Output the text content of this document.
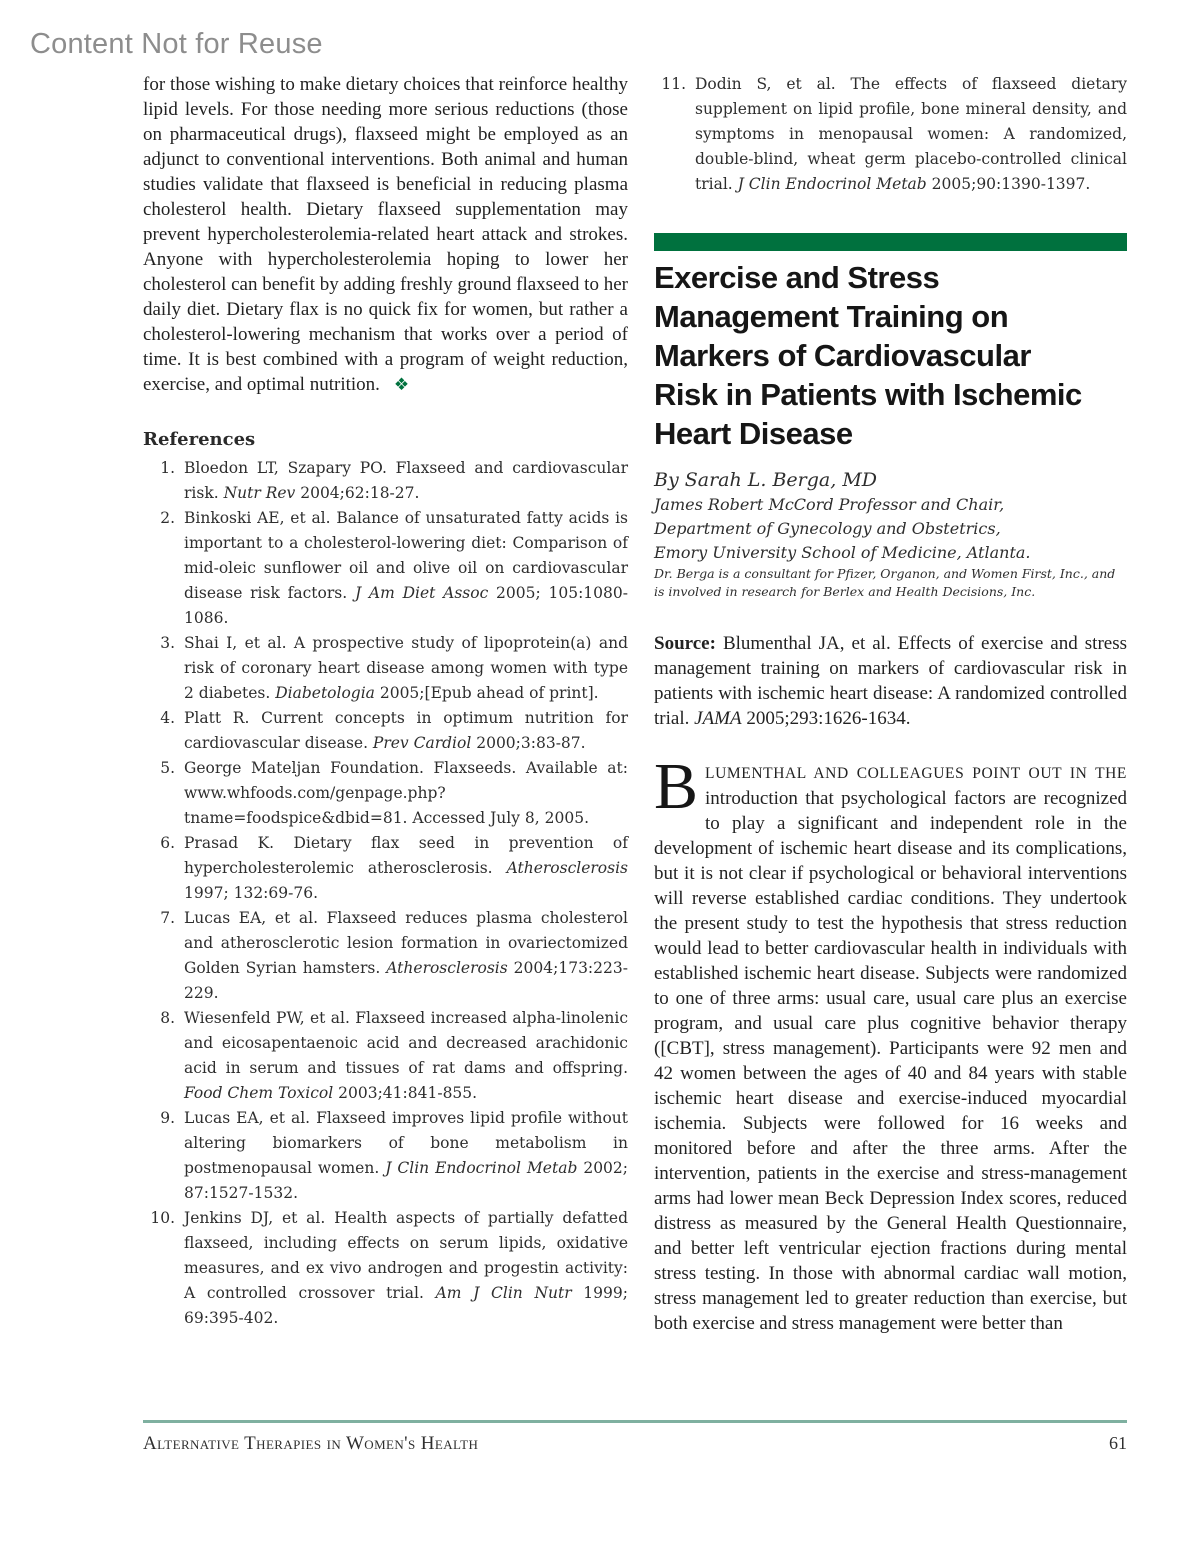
Content Not for Reuse

for those wishing to make dietary choices that reinforce healthy lipid levels. For those needing more serious reductions (those on pharmaceutical drugs), flaxseed might be employed as an adjunct to conventional interventions. Both animal and human studies validate that flaxseed is beneficial in reducing plasma cholesterol health. Dietary flaxseed supplementation may prevent hypercholesterolemia-related heart attack and strokes. Anyone with hypercholesterolemia hoping to lower her cholesterol can benefit by adding freshly ground flaxseed to her daily diet. Dietary flax is no quick fix for women, but rather a cholesterol-lowering mechanism that works over a period of time. It is best combined with a program of weight reduction, exercise, and optimal nutrition. ❖

References
1. Bloedon LT, Szapary PO. Flaxseed and cardiovascular risk. Nutr Rev 2004;62:18-27.
2. Binkoski AE, et al. Balance of unsaturated fatty acids is important to a cholesterol-lowering diet: Comparison of mid-oleic sunflower oil and olive oil on cardiovascular disease risk factors. J Am Diet Assoc 2005; 105:1080-1086.
3. Shai I, et al. A prospective study of lipoprotein(a) and risk of coronary heart disease among women with type 2 diabetes. Diabetologia 2005;[Epub ahead of print].
4. Platt R. Current concepts in optimum nutrition for cardiovascular disease. Prev Cardiol 2000;3:83-87.
5. George Mateljan Foundation. Flaxseeds. Available at: www.whfoods.com/genpage.php?tname=foodspice&dbid=81. Accessed July 8, 2005.
6. Prasad K. Dietary flax seed in prevention of hypercholesterolemic atherosclerosis. Atherosclerosis 1997; 132:69-76.
7. Lucas EA, et al. Flaxseed reduces plasma cholesterol and atherosclerotic lesion formation in ovariectomized Golden Syrian hamsters. Atherosclerosis 2004;173:223-229.
8. Wiesenfeld PW, et al. Flaxseed increased alpha-linolenic and eicosapentaenoic acid and decreased arachidonic acid in serum and tissues of rat dams and offspring. Food Chem Toxicol 2003;41:841-855.
9. Lucas EA, et al. Flaxseed improves lipid profile without altering biomarkers of bone metabolism in postmenopausal women. J Clin Endocrinol Metab 2002; 87:1527-1532.
10. Jenkins DJ, et al. Health aspects of partially defatted flaxseed, including effects on serum lipids, oxidative measures, and ex vivo androgen and progestin activity: A controlled crossover trial. Am J Clin Nutr 1999; 69:395-402.
11. Dodin S, et al. The effects of flaxseed dietary supplement on lipid profile, bone mineral density, and symptoms in menopausal women: A randomized, double-blind, wheat germ placebo-controlled clinical trial. J Clin Endocrinol Metab 2005;90:1390-1397.
Exercise and Stress Management Training on Markers of Cardiovascular Risk in Patients with Ischemic Heart Disease
By Sarah L. Berga, MD
James Robert McCord Professor and Chair,
Department of Gynecology and Obstetrics,
Emory University School of Medicine, Atlanta.
Dr. Berga is a consultant for Pfizer, Organon, and Women First, Inc., and is involved in research for Berlex and Health Decisions, Inc.

Source: Blumenthal JA, et al. Effects of exercise and stress management training on markers of cardiovascular risk in patients with ischemic heart disease: A randomized controlled trial. JAMA 2005;293:1626-1634.

BLUMENTHAL AND COLLEAGUES POINT OUT IN THE introduction that psychological factors are recognized to play a significant and independent role in the development of ischemic heart disease and its complications, but it is not clear if psychological or behavioral interventions will reverse established cardiac conditions. They undertook the present study to test the hypothesis that stress reduction would lead to better cardiovascular health in individuals with established ischemic heart disease. Subjects were randomized to one of three arms: usual care, usual care plus an exercise program, and usual care plus cognitive behavior therapy ([CBT], stress management). Participants were 92 men and 42 women between the ages of 40 and 84 years with stable ischemic heart disease and exercise-induced myocardial ischemia. Subjects were followed for 16 weeks and monitored before and after the three arms. After the intervention, patients in the exercise and stress-management arms had lower mean Beck Depression Index scores, reduced distress as measured by the General Health Questionnaire, and better left ventricular ejection fractions during mental stress testing. In those with abnormal cardiac wall motion, stress management led to greater reduction than exercise, but both exercise and stress management were better than

Alternative Therapies in Women's Health	61
